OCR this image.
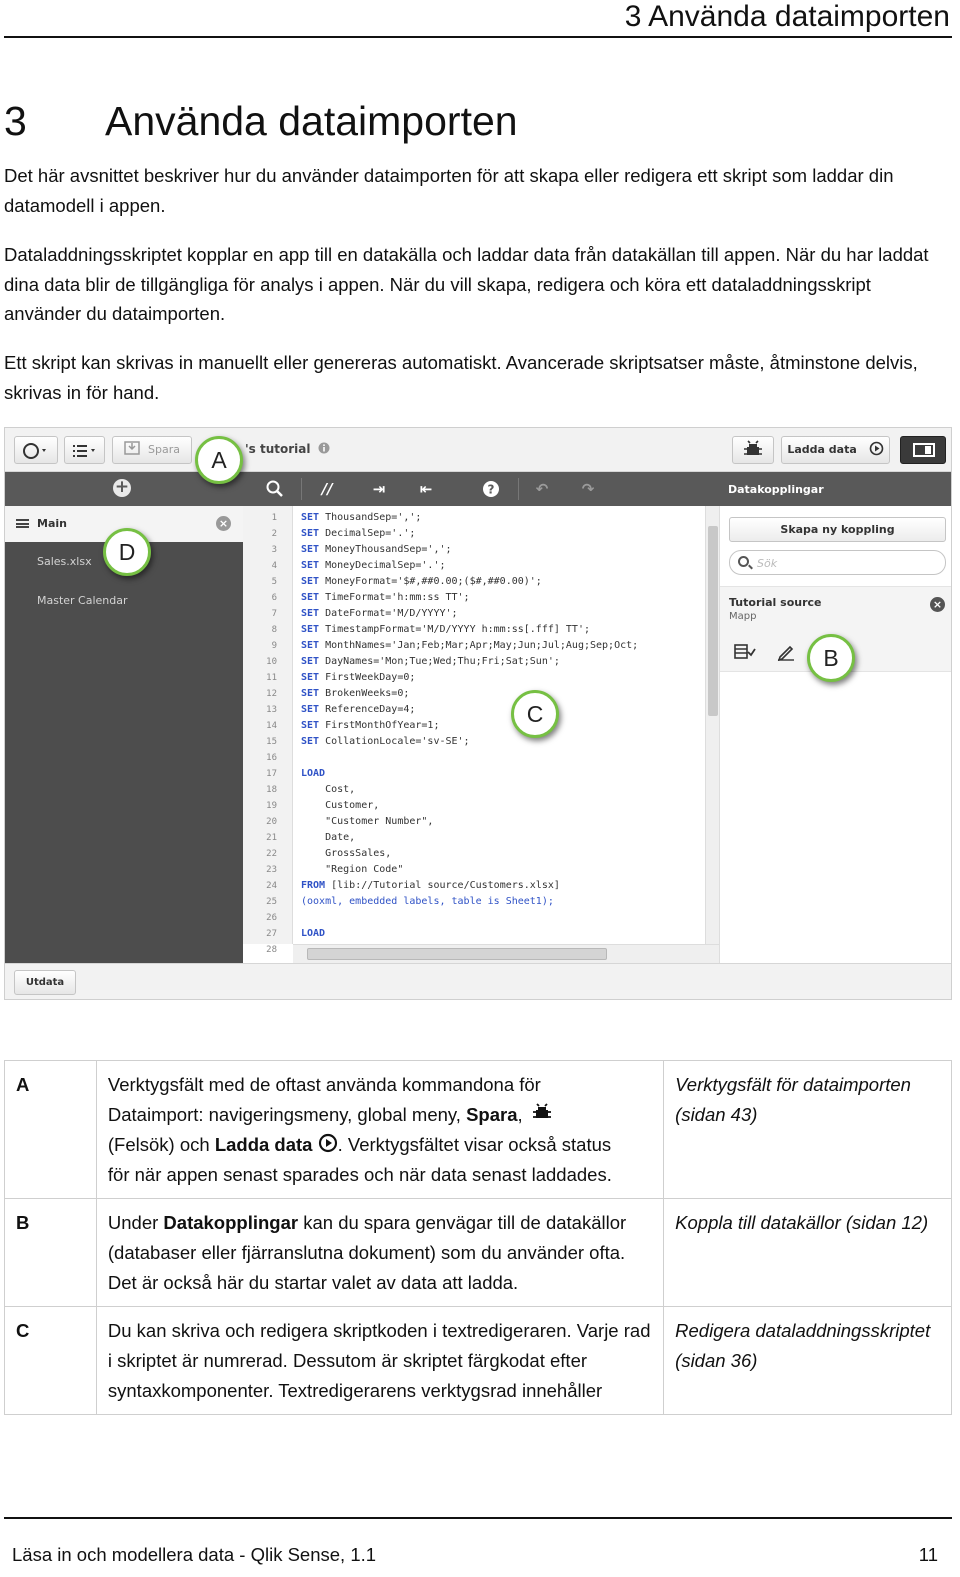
3 Använda dataimporten
3 Använda dataimporten

Det här avsnittet beskriver hur du använder dataimporten för att skapa eller redigera ett skript som laddar din datamodell i appen.

Dataladdningsskriptet kopplar en app till en datakälla och laddar data från datakällan till appen. När du har laddat dina data blir de tillgängliga för analys i appen. När du vill skapa, redigera och köra ett dataladdningsskript använder du dataimporten.

Ett skript kan skrivas in manuellt eller genereras automatiskt. Avancerade skriptsatser måste, åtminstone delvis, skrivas in för hand.

Spara	's tutorial	Ladda data
+
Main	×
Sales.xlsx
Master Calendar
//	⇥	⇤	?	↶	↷
1
2
3
4
5
6
7
8
9
10
11
12
13
14
15
16
17
18
19
20
21
22
23
24
25
26
27
28
SET ThousandSep=',';
SET DecimalSep='.';
SET MoneyThousandSep=',';
SET MoneyDecimalSep='.';
SET MoneyFormat='$#,##0.00;($#,##0.00)';
SET TimeFormat='h:mm:ss TT';
SET DateFormat='M/D/YYYY';
SET TimestampFormat='M/D/YYYY h:mm:ss[.fff] TT';
SET MonthNames='Jan;Feb;Mar;Apr;May;Jun;Jul;Aug;Sep;Oct;
SET DayNames='Mon;Tue;Wed;Thu;Fri;Sat;Sun';
SET FirstWeekDay=0;
SET BrokenWeeks=0;
SET ReferenceDay=4;
SET FirstMonthOfYear=1;
SET CollationLocale='sv-SE';
LOAD
Cost,
Customer,
"Customer Number",
Date,
GrossSales,
"Region Code"
FROM [lib://Tutorial source/Customers.xlsx]
(ooxml, embedded labels, table is Sheet1);
LOAD
Datakopplingar
Skapa ny koppling
Sök
Tutorial source
Mapp
×
Utdata
A
B
C
D
A	Verktygsfält med de oftast använda kommandona för
Dataimport: navigeringsmeny, global meny, Spara,
(Felsök) och Ladda data . Verktygsfältet visar också status
för när appen senast sparades och när data senast laddades.	Verktygsfält för dataimporten (sidan 43)
B	Under Datakopplingar kan du spara genvägar till de datakällor (databaser eller fjärranslutna dokument) som du använder ofta. Det är också här du startar valet av data att ladda.	Koppla till datakällor (sidan 12)
C	Du kan skriva och redigera skriptkoden i textredigeraren. Varje rad i skriptet är numrerad. Dessutom är skriptet färgkodat efter syntaxkomponenter. Textredigerarens verktygsrad innehåller	Redigera dataladdningsskriptet (sidan 36)
Läsa in och modellera data - Qlik Sense, 1.1	11
